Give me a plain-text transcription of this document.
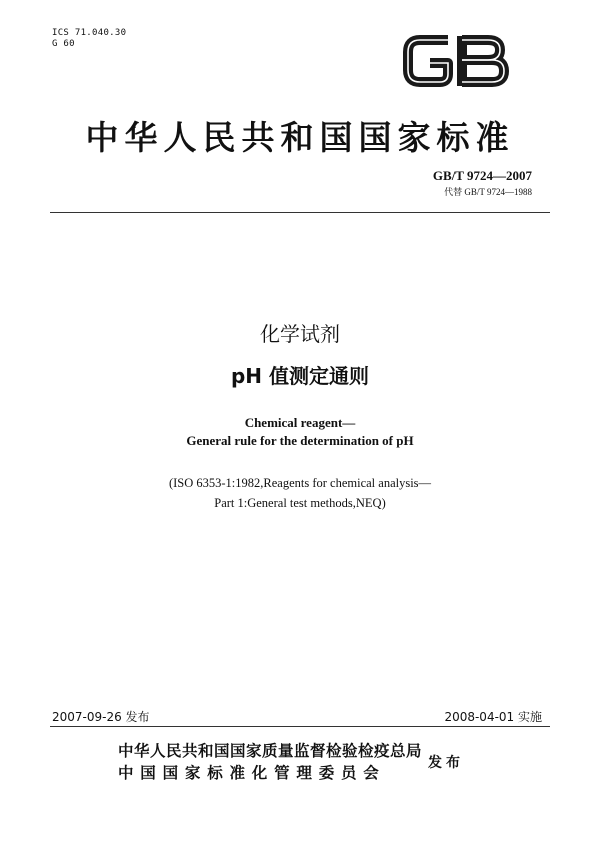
ICS 71.040.30
G 60
中华人民共和国国家标准
GB/T 9724—2007
代替 GB/T 9724—1988
化学试剂
pH 值测定通则
Chemical reagent—
General rule for the determination of pH
(ISO 6353-1:1982,Reagents for chemical analysis—
Part 1:General test methods,NEQ)
2007-09-26 发布	2008-04-01 实施
中华人民共和国国家质量监督检验检疫总局
中国国家标准化管理委员会
发布
